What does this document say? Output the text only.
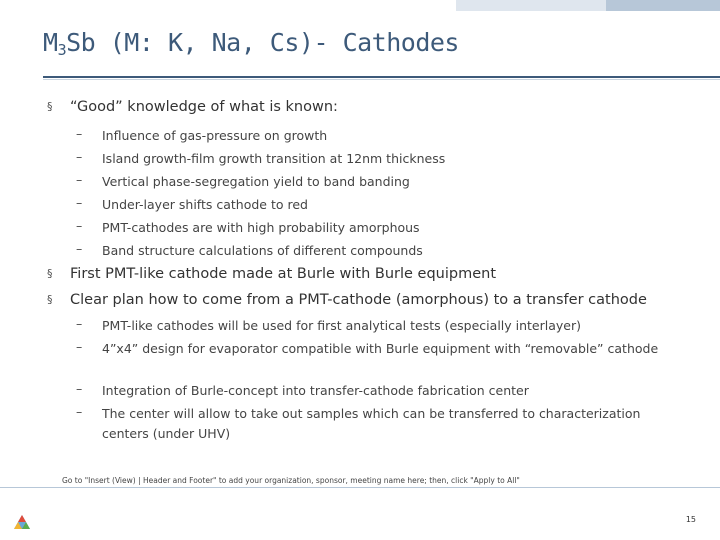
$M_3Sb$ (M: K, Na, Cs)- Cathodes
§ “Good” knowledge of what is known:
– Influence of gas-pressure on growth
– Island growth-film growth transition at 12nm thickness
– Vertical phase-segregation yield to band banding
– Under-layer shifts cathode to red
– PMT-cathodes are with high probability amorphous
– Band structure calculations of different compounds
§ First PMT-like cathode made at Burle with Burle equipment
§ Clear plan how to come from a PMT-cathode (amorphous) to a transfer cathode
– PMT-like cathodes will be used for first analytical tests (especially interlayer)
– 4”x4” design for evaporator compatible with Burle equipment with “removable” cathode
– Integration of Burle-concept into transfer-cathode fabrication center
– The center will allow to take out samples which can be transferred to characterization centers (under UHV)
Go to "Insert (View) | Header and Footer" to add your organization, sponsor, meeting name here; then, click "Apply to All"
15
